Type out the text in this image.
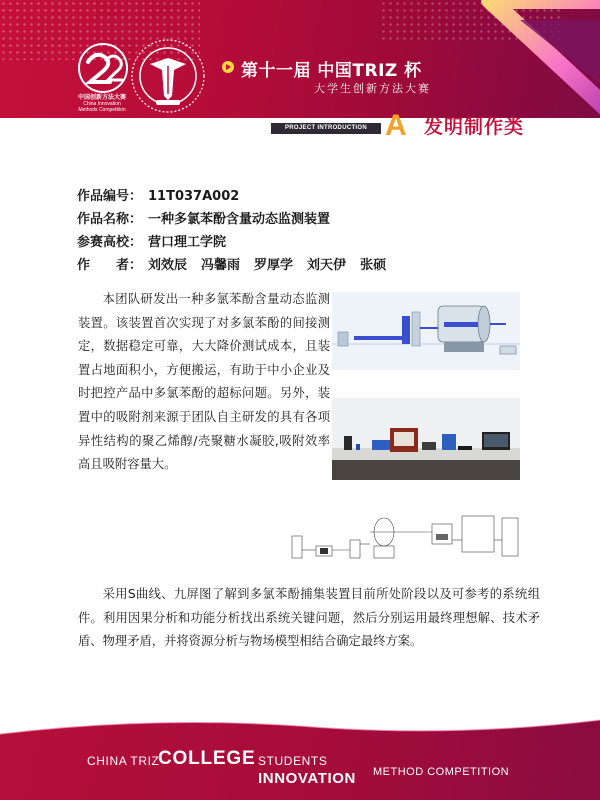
中国创新方法大赛
China Innovation
Methods Competition
第十一届 中国TRIZ 杯
大学生创新方法大赛
PROJECT INTRODUCTION A 发明制作类
作品编号： 11T037A002
作品名称： 一种多氯苯酚含量动态监测装置
参赛高校： 营口理工学院
作　　者： 刘效辰 冯馨雨 罗厚学 刘天伊 张硕

本团队研发出一种多氯苯酚含量动态监测装置。该装置首次实现了对多氯苯酚的间接测定，数据稳定可靠，大大降价测试成本，且装置占地面积小，方便搬运，有助于中小企业及时把控产品中多氯苯酚的超标问题。另外，装置中的吸附剂来源于团队自主研发的具有各项异性结构的聚乙烯醇/壳聚糖水凝胶,吸附效率高且吸附容量大。

采用S曲线、九屏图了解到多氯苯酚捕集装置目前所处阶段以及可参考的系统组件。利用因果分析和功能分析找出系统关键问题，然后分别运用最终理想解、技术矛盾、物理矛盾，并将资源分析与物场模型相结合确定最终方案。

CHINA TRIZ
COLLEGE STUDENTS
INNOVATION METHOD COMPETITION
